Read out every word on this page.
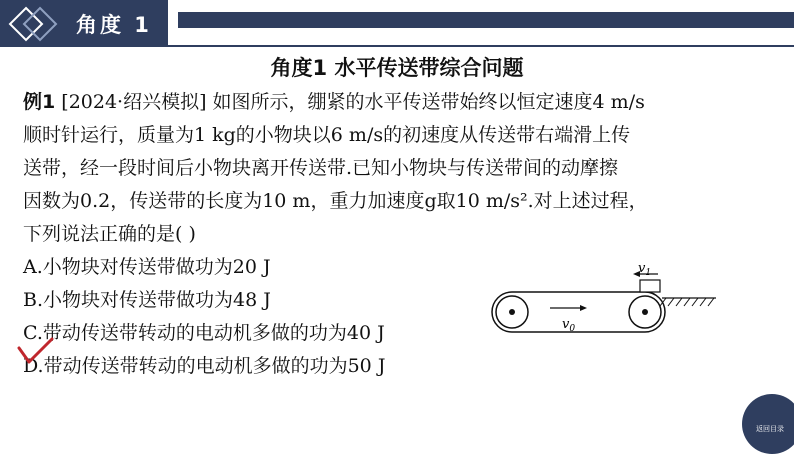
角度 1
角度1 水平传送带综合问题
例1 [2024·绍兴模拟] 如图所示，绷紧的水平传送带始终以恒定速度4 m/s
顺时针运行，质量为1 kg的小物块以6 m/s的初速度从传送带右端滑上传
送带，经一段时间后小物块离开传送带.已知小物块与传送带间的动摩擦
因数为0.2，传送带的长度为10 m，重力加速度g取10 m/s².对上述过程，
下列说法正确的是( )
A.小物块对传送带做功为20 J
B.小物块对传送带做功为48 J
C.带动传送带转动的电动机多做的功为40 J
D.带动传送带转动的电动机多做的功为50 J
$v_1$
$v_0$
返回目录
